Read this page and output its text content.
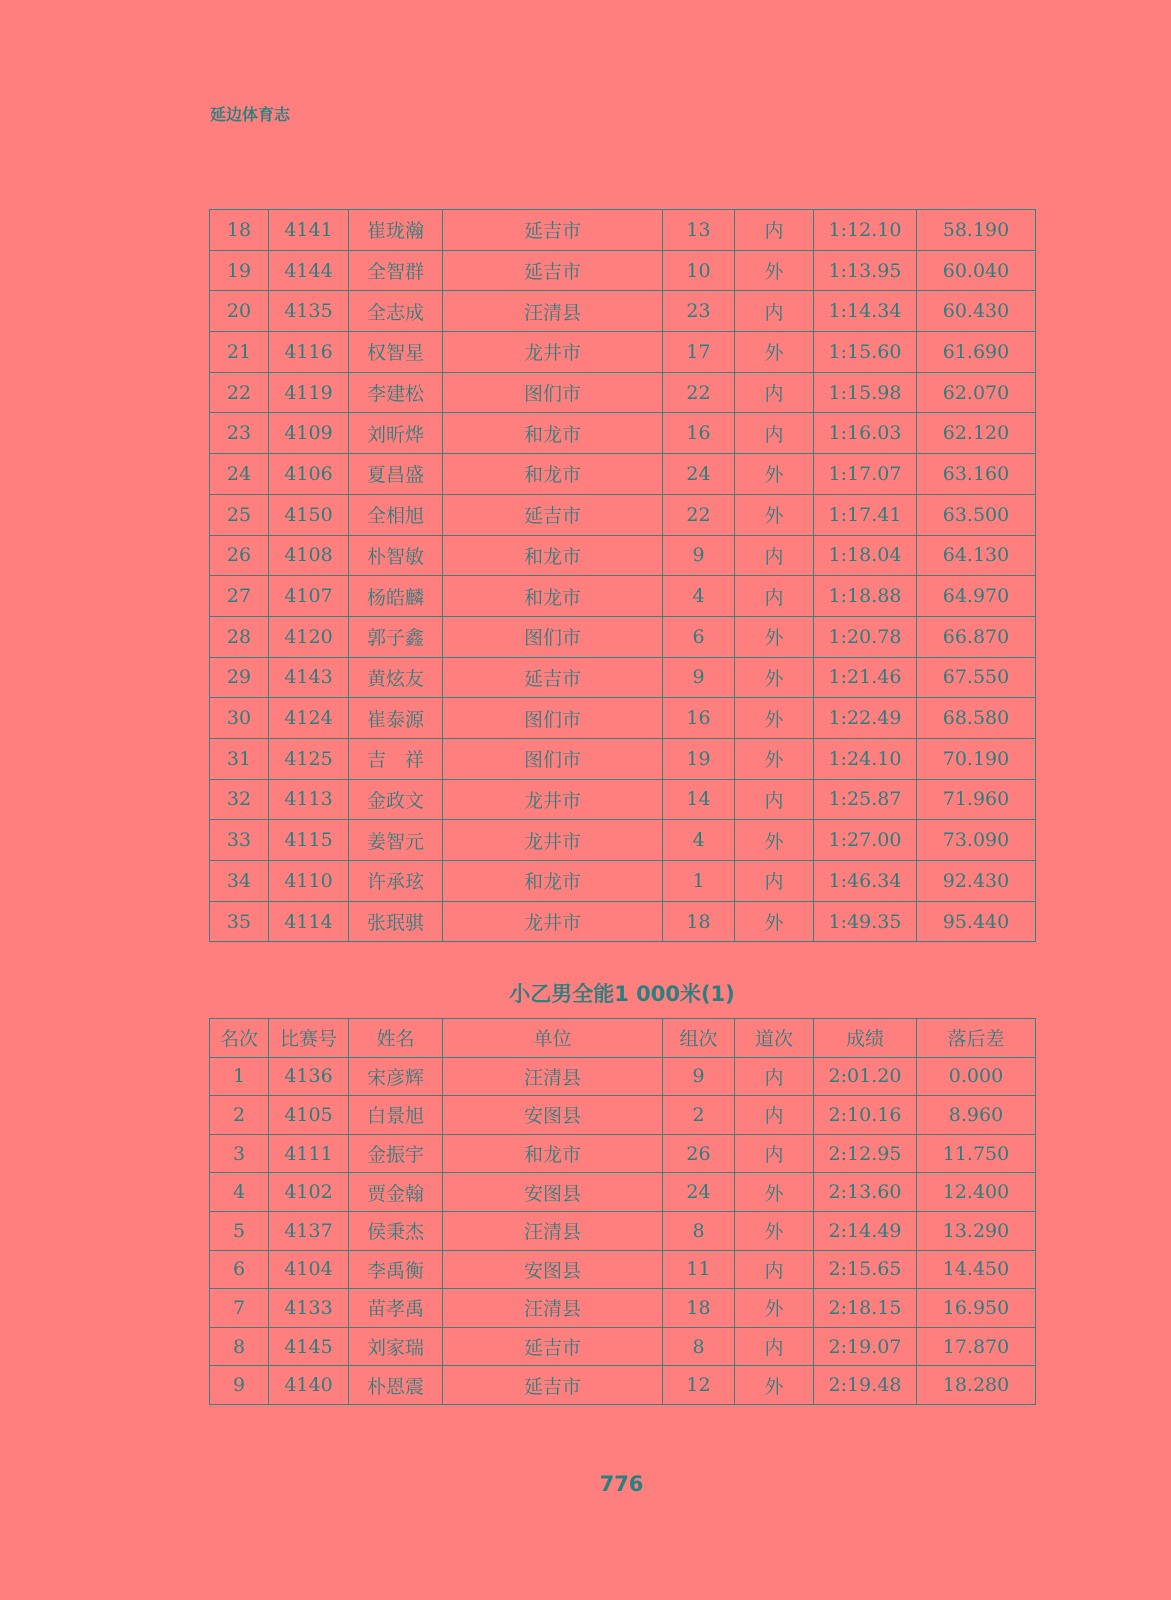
延边体育志
18	4141	崔珑瀚	延吉市	13	内	1:12.10	58.190
19	4144	全智群	延吉市	10	外	1:13.95	60.040
20	4135	全志成	汪清县	23	内	1:14.34	60.430
21	4116	权智星	龙井市	17	外	1:15.60	61.690
22	4119	李建松	图们市	22	内	1:15.98	62.070
23	4109	刘昕烨	和龙市	16	内	1:16.03	62.120
24	4106	夏昌盛	和龙市	24	外	1:17.07	63.160
25	4150	全相旭	延吉市	22	外	1:17.41	63.500
26	4108	朴智敏	和龙市	9	内	1:18.04	64.130
27	4107	杨皓麟	和龙市	4	内	1:18.88	64.970
28	4120	郭子鑫	图们市	6	外	1:20.78	66.870
29	4143	黄炫友	延吉市	9	外	1:21.46	67.550
30	4124	崔泰源	图们市	16	外	1:22.49	68.580
31	4125	吉　祥	图们市	19	外	1:24.10	70.190
32	4113	金政文	龙井市	14	内	1:25.87	71.960
33	4115	姜智元	龙井市	4	外	1:27.00	73.090
34	4110	许承玹	和龙市	1	内	1:46.34	92.430
35	4114	张珉骐	龙井市	18	外	1:49.35	95.440
小乙男全能1 000米(1)
名次	比赛号	姓名	单位	组次	道次	成绩	落后差
1	4136	宋彦辉	汪清县	9	内	2:01.20	0.000
2	4105	白景旭	安图县	2	内	2:10.16	8.960
3	4111	金振宇	和龙市	26	内	2:12.95	11.750
4	4102	贾金翰	安图县	24	外	2:13.60	12.400
5	4137	侯秉杰	汪清县	8	外	2:14.49	13.290
6	4104	李禹衡	安图县	11	内	2:15.65	14.450
7	4133	苗孝禹	汪清县	18	外	2:18.15	16.950
8	4145	刘家瑞	延吉市	8	内	2:19.07	17.870
9	4140	朴恩震	延吉市	12	外	2:19.48	18.280
776
